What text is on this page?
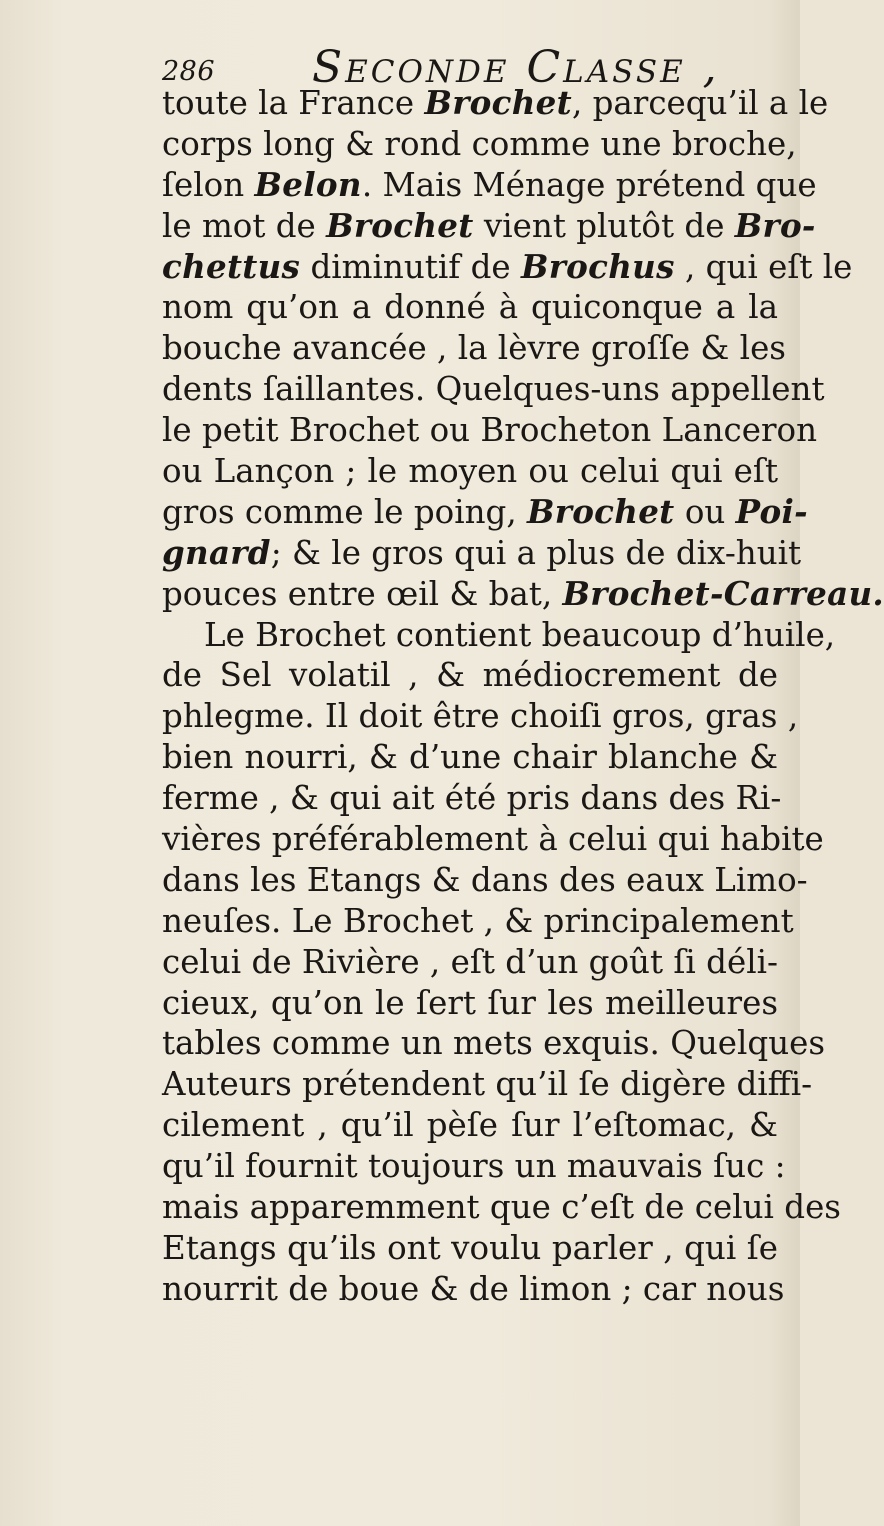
286 Seconde Classe ,
toute la France Brochet, parcequ’il a le
corps long & rond comme une broche,
ſelon Belon. Mais Ménage prétend que
le mot de Brochet vient plutôt de Bro-
chettus diminutif de Brochus , qui eſt le
nom qu’on a donné à quiconque a la
bouche avancée , la lèvre groſſe & les
dents ſaillantes. Quelques-uns appellent
le petit Brochet ou Brocheton Lanceron
ou Lançon ; le moyen ou celui qui eſt
gros comme le poing, Brochet ou Poi-
gnard; & le gros qui a plus de dix-huit
pouces entre œil & bat, Brochet-Carreau.
Le Brochet contient beaucoup d’huile,
de Sel volatil , & médiocrement de
phlegme. Il doit être choiſi gros, gras ,
bien nourri, & d’une chair blanche &
ferme , & qui ait été pris dans des Ri-
vières préférablement à celui qui habite
dans les Etangs & dans des eaux Limo-
neuſes. Le Brochet , & principalement
celui de Rivière , eſt d’un goût ſi déli-
cieux, qu’on le ſert ſur les meilleures
tables comme un mets exquis. Quelques
Auteurs prétendent qu’il ſe digère diffi-
cilement , qu’il pèſe ſur l’eſtomac, &
qu’il fournit toujours un mauvais ſuc :
mais apparemment que c’eſt de celui des
Etangs qu’ils ont voulu parler , qui ſe
nourrit de boue & de limon ; car nous
